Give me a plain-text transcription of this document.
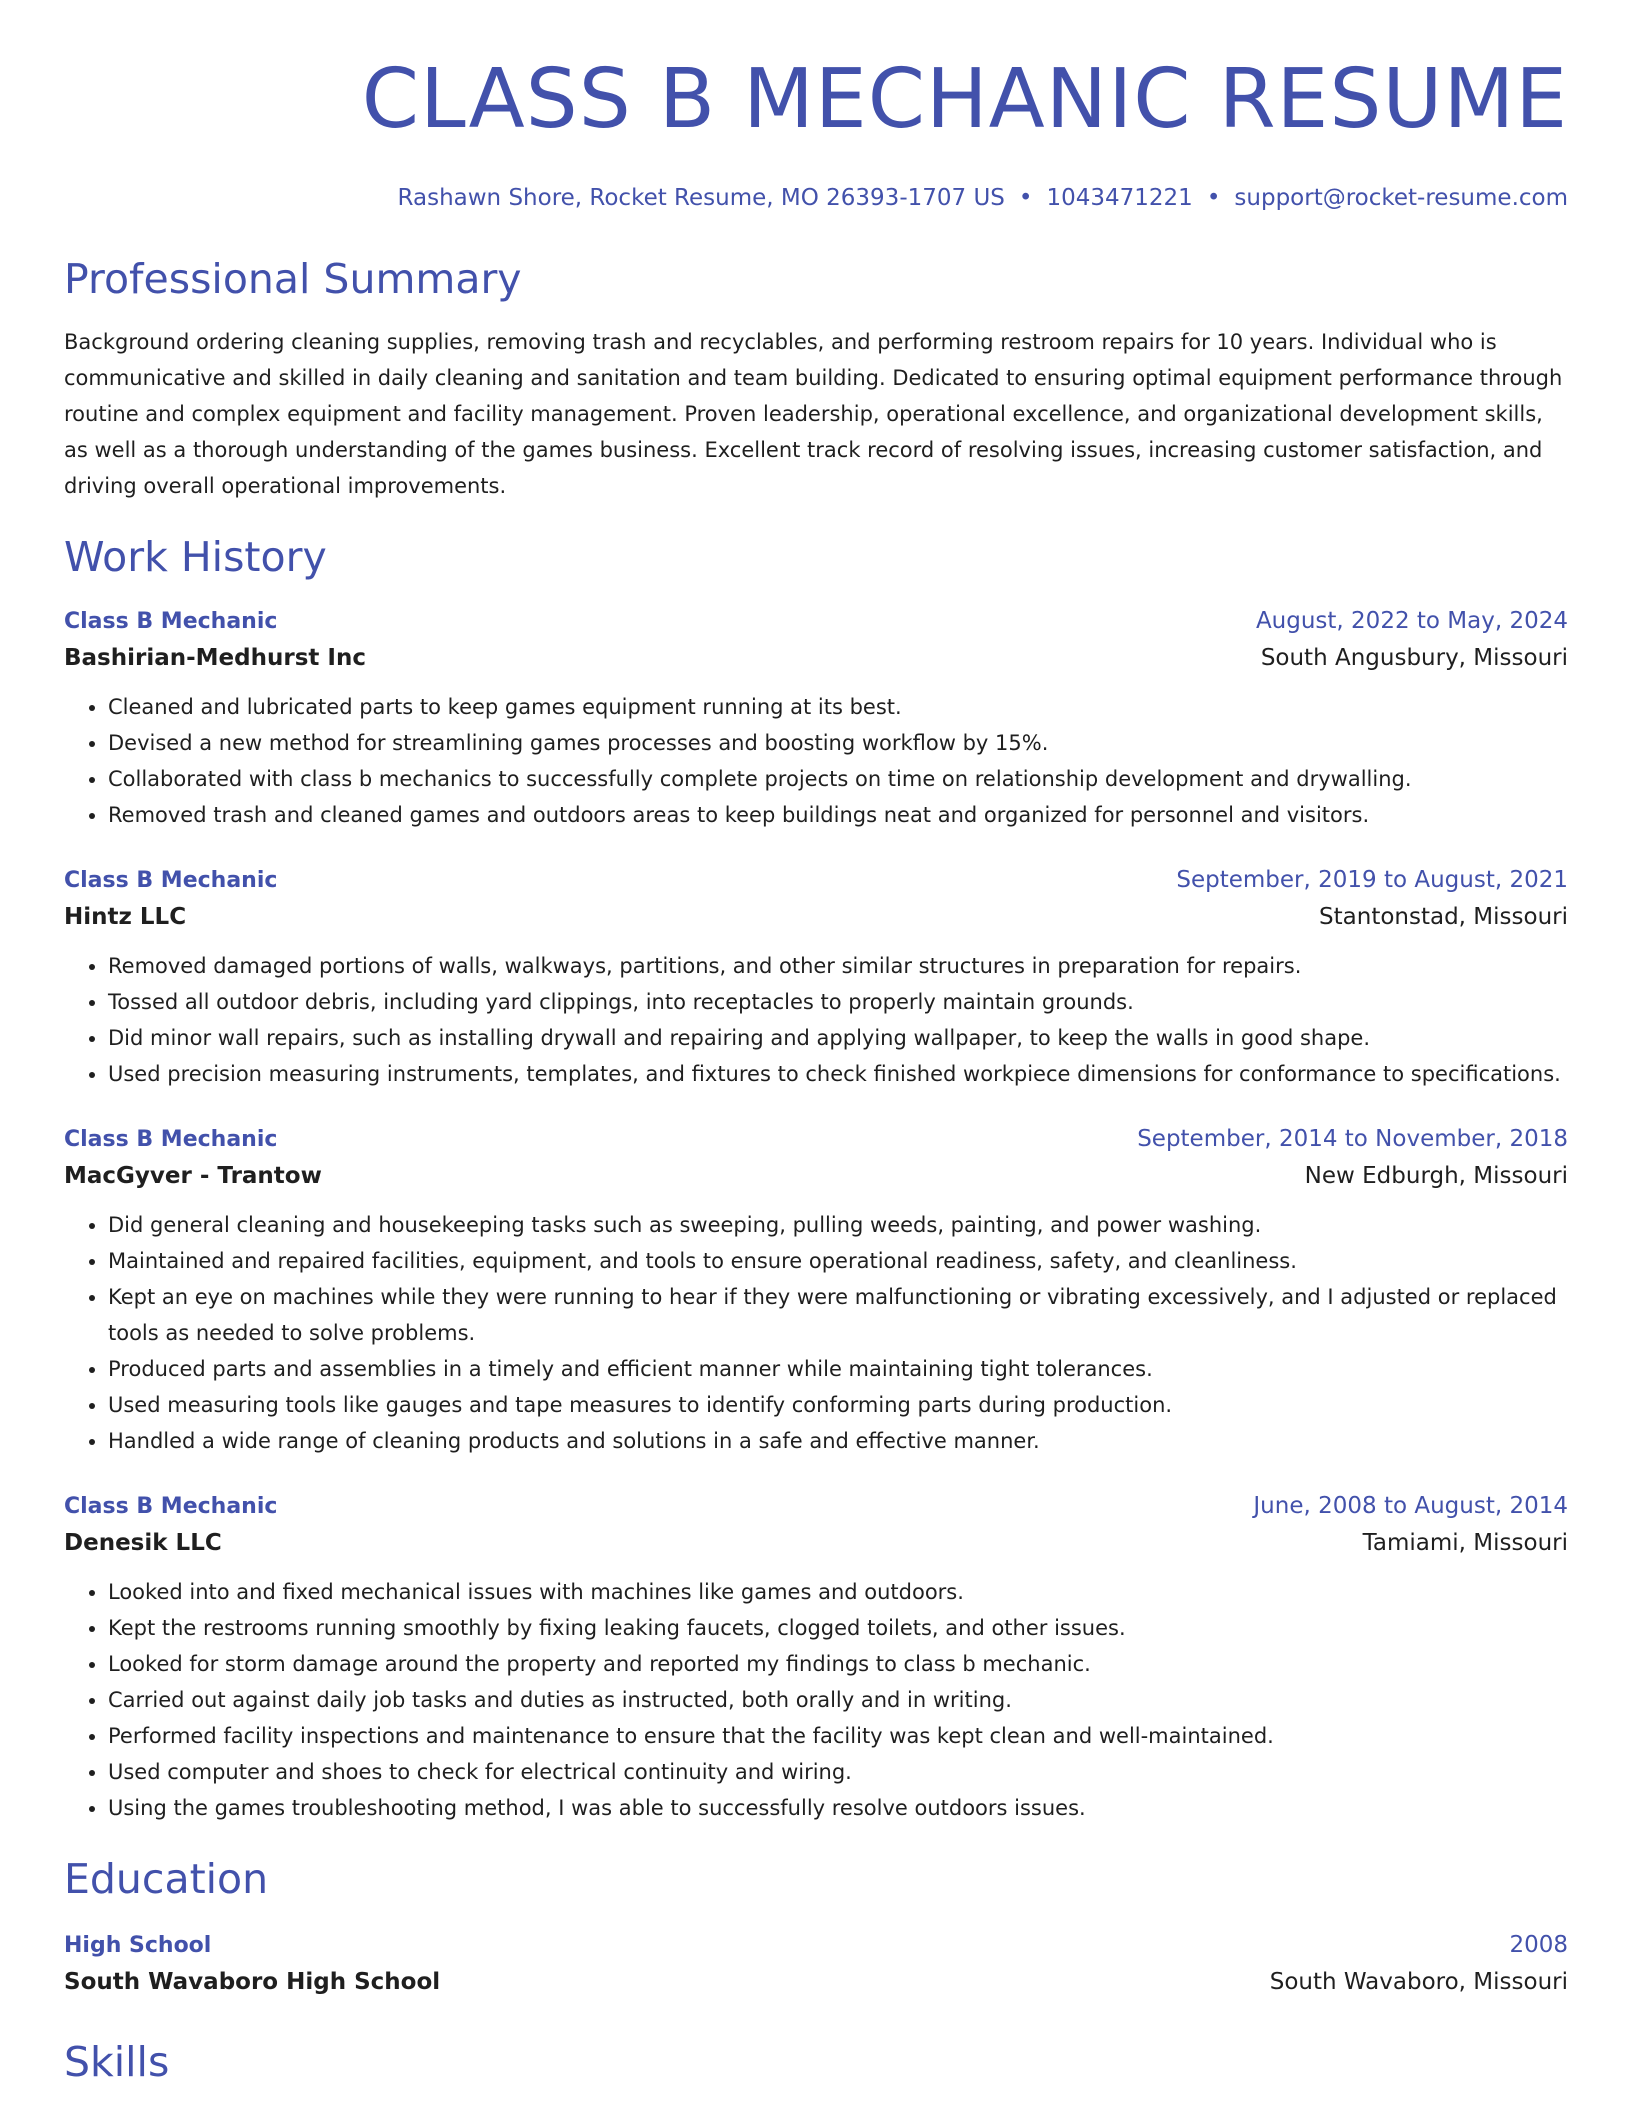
CLASS B MECHANIC RESUME
Rashawn Shore, Rocket Resume, MO 26393-1707 US • 1043471221 • support@rocket-resume.com
Professional Summary
Background ordering cleaning supplies, removing trash and recyclables, and performing restroom repairs for 10 years. Individual who is communicative and skilled in daily cleaning and sanitation and team building. Dedicated to ensuring optimal equipment performance through routine and complex equipment and facility management. Proven leadership, operational excellence, and organizational development skills, as well as a thorough understanding of the games business. Excellent track record of resolving issues, increasing customer satisfaction, and driving overall operational improvements.
Work History
Class B Mechanic	August, 2022 to May, 2024
Bashirian-Medhurst Inc	South Angusbury, Missouri
• Cleaned and lubricated parts to keep games equipment running at its best.
• Devised a new method for streamlining games processes and boosting workflow by 15%.
• Collaborated with class b mechanics to successfully complete projects on time on relationship development and drywalling.
• Removed trash and cleaned games and outdoors areas to keep buildings neat and organized for personnel and visitors.
Class B Mechanic	September, 2019 to August, 2021
Hintz LLC	Stantonstad, Missouri
• Removed damaged portions of walls, walkways, partitions, and other similar structures in preparation for repairs.
• Tossed all outdoor debris, including yard clippings, into receptacles to properly maintain grounds.
• Did minor wall repairs, such as installing drywall and repairing and applying wallpaper, to keep the walls in good shape.
• Used precision measuring instruments, templates, and fixtures to check finished workpiece dimensions for conformance to specifications.
Class B Mechanic	September, 2014 to November, 2018
MacGyver - Trantow	New Edburgh, Missouri
• Did general cleaning and housekeeping tasks such as sweeping, pulling weeds, painting, and power washing.
• Maintained and repaired facilities, equipment, and tools to ensure operational readiness, safety, and cleanliness.
• Kept an eye on machines while they were running to hear if they were malfunctioning or vibrating excessively, and I adjusted or replaced tools as needed to solve problems.
• Produced parts and assemblies in a timely and efficient manner while maintaining tight tolerances.
• Used measuring tools like gauges and tape measures to identify conforming parts during production.
• Handled a wide range of cleaning products and solutions in a safe and effective manner.
Class B Mechanic	June, 2008 to August, 2014
Denesik LLC	Tamiami, Missouri
• Looked into and fixed mechanical issues with machines like games and outdoors.
• Kept the restrooms running smoothly by fixing leaking faucets, clogged toilets, and other issues.
• Looked for storm damage around the property and reported my findings to class b mechanic.
• Carried out against daily job tasks and duties as instructed, both orally and in writing.
• Performed facility inspections and maintenance to ensure that the facility was kept clean and well-maintained.
• Used computer and shoes to check for electrical continuity and wiring.
• Using the games troubleshooting method, I was able to successfully resolve outdoors issues.
Education
High School	2008
South Wavaboro High School	South Wavaboro, Missouri
Skills
